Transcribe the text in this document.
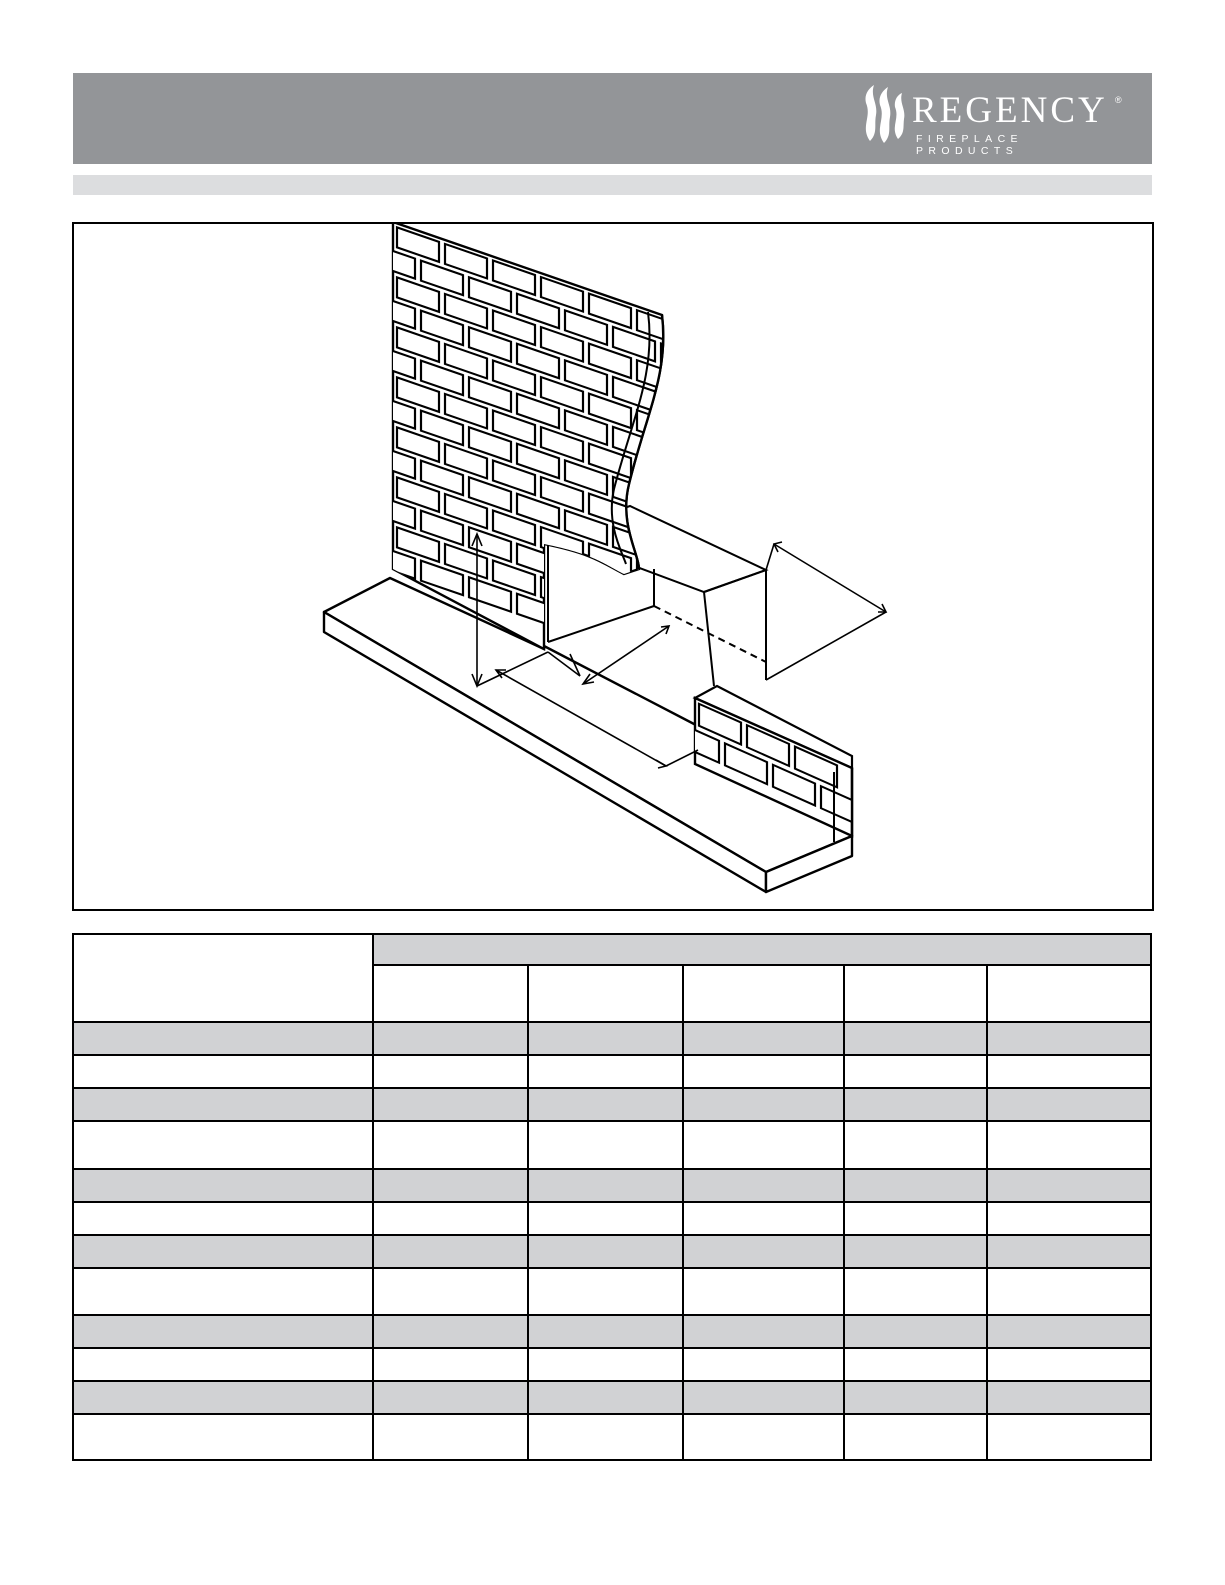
REGENCY ®
FIREPLACE PRODUCTS
